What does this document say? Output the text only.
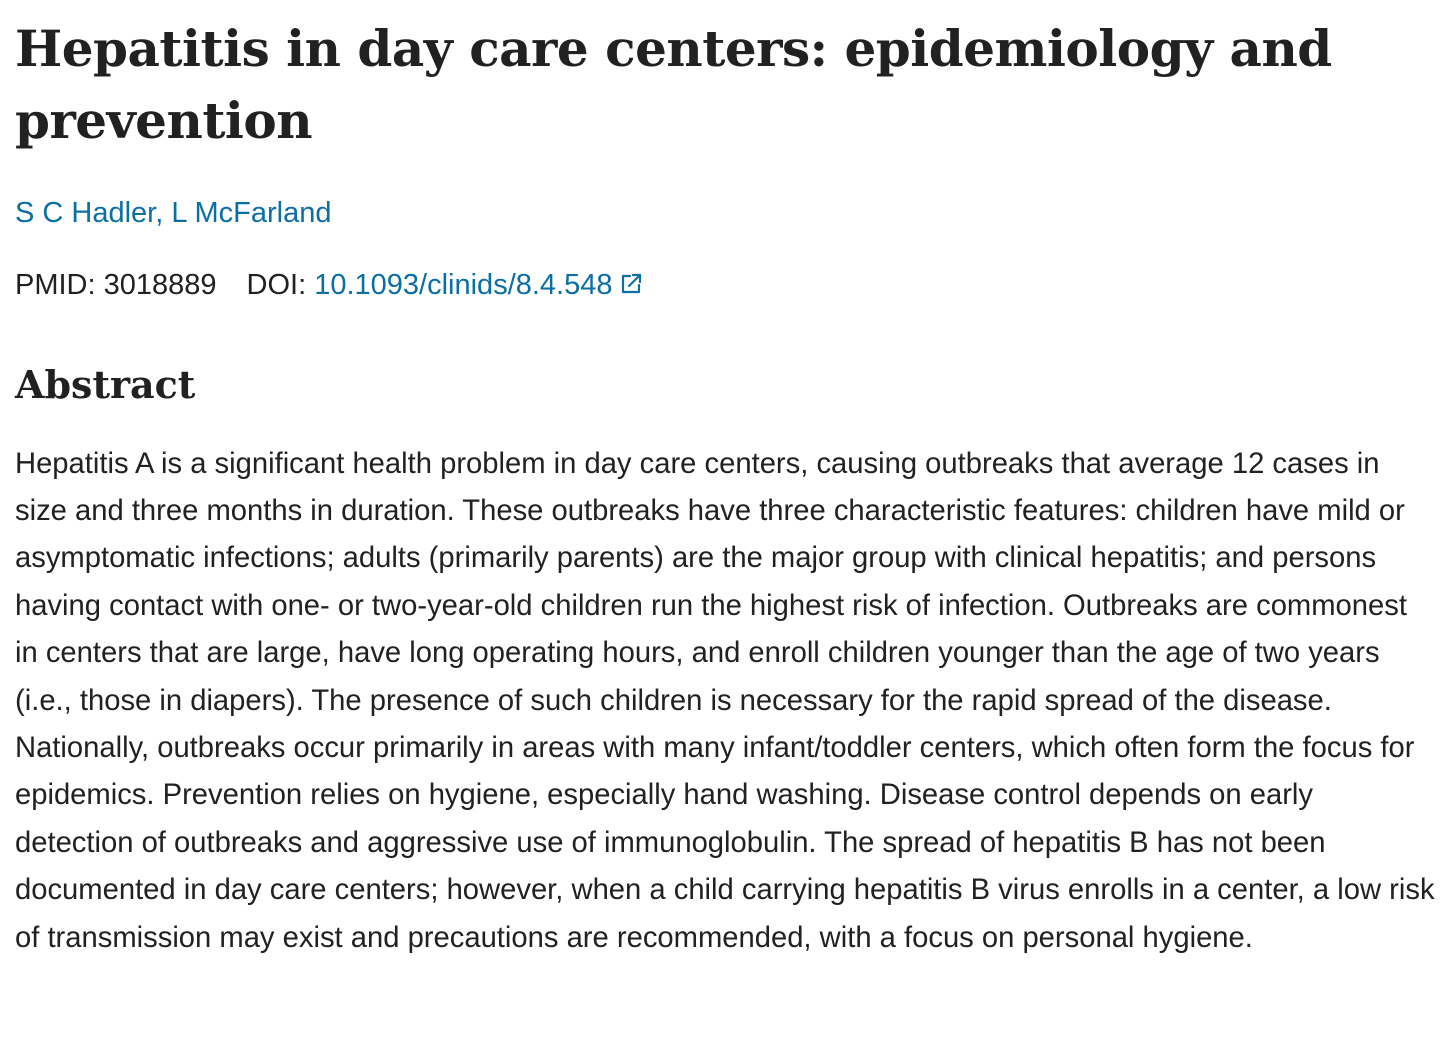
Hepatitis in day care centers: epidemiology and prevention
S C Hadler, L McFarland
PMID: 3018889 DOI: 10.1093/clinids/8.4.548
Abstract

Hepatitis A is a significant health problem in day care centers, causing outbreaks that average 12 cases in size and three months in duration. These outbreaks have three characteristic features: children have mild or asymptomatic infections; adults (primarily parents) are the major group with clinical hepatitis; and persons having contact with one- or two-year-old children run the highest risk of infection. Outbreaks are commonest in centers that are large, have long operating hours, and enroll children younger than the age of two years (i.e., those in diapers). The presence of such children is necessary for the rapid spread of the disease. Nationally, outbreaks occur primarily in areas with many infant/toddler centers, which often form the focus for epidemics. Prevention relies on hygiene, especially hand washing. Disease control depends on early detection of outbreaks and aggressive use of immunoglobulin. The spread of hepatitis B has not been documented in day care centers; however, when a child carrying hepatitis B virus enrolls in a center, a low risk of transmission may exist and precautions are recommended, with a focus on personal hygiene.
